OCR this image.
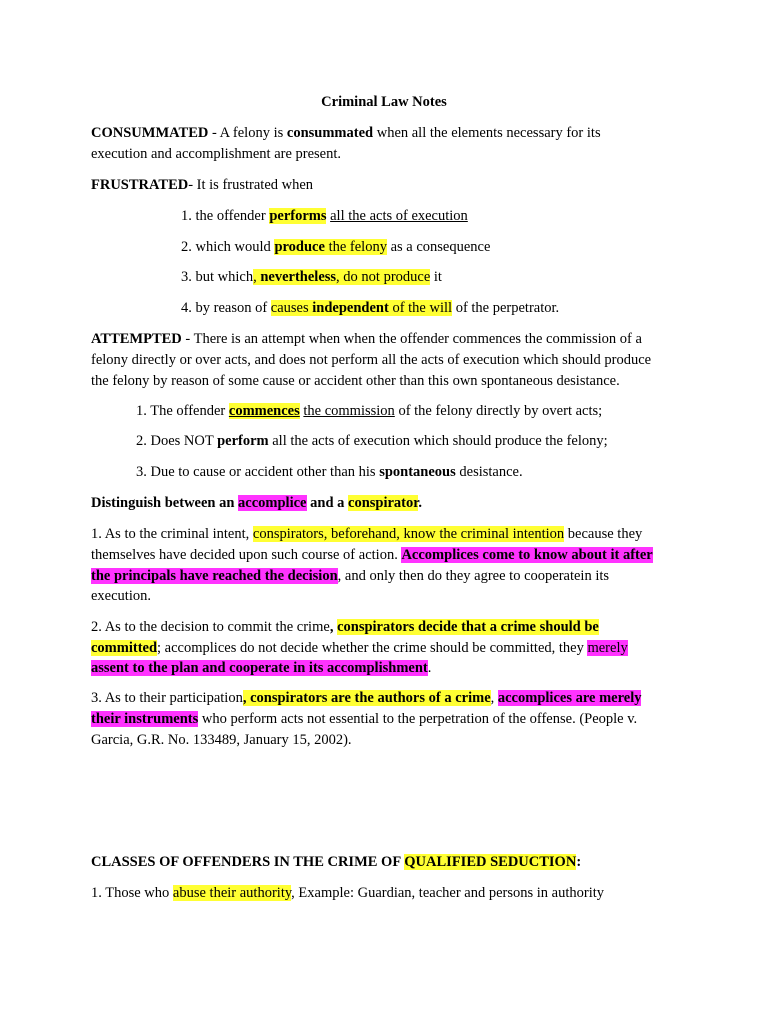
Criminal Law Notes
CONSUMMATED - A felony is consummated when all the elements necessary for its
execution and accomplishment are present.
FRUSTRATED- It is frustrated when
1. the offender performs all the acts of execution
2. which would produce the felony as a consequence
3. but which, nevertheless, do not produce it
4. by reason of causes independent of the will of the perpetrator.
ATTEMPTED - There is an attempt when when the offender commences the commission of a
felony directly or over acts, and does not perform all the acts of execution which should produce
the felony by reason of some cause or accident other than this own spontaneous desistance.
1. The offender commences the commission of the felony directly by overt acts;
2. Does NOT perform all the acts of execution which should produce the felony;
3. Due to cause or accident other than his spontaneous desistance.
Distinguish between an accomplice and a conspirator.
1. As to the criminal intent, conspirators, beforehand, know the criminal intention because they
themselves have decided upon such course of action. Accomplices come to know about it after
the principals have reached the decision, and only then do they agree to cooperatein its
execution.
2. As to the decision to commit the crime, conspirators decide that a crime should be
committed; accomplices do not decide whether the crime should be committed, they merely
assent to the plan and cooperate in its accomplishment.
3. As to their participation, conspirators are the authors of a crime, accomplices are merely
their instruments who perform acts not essential to the perpetration of the offense. (People v.
Garcia, G.R. No. 133489, January 15, 2002).
CLASSES OF OFFENDERS IN THE CRIME OF QUALIFIED SEDUCTION:
1. Those who abuse their authority, Example: Guardian, teacher and persons in authority
